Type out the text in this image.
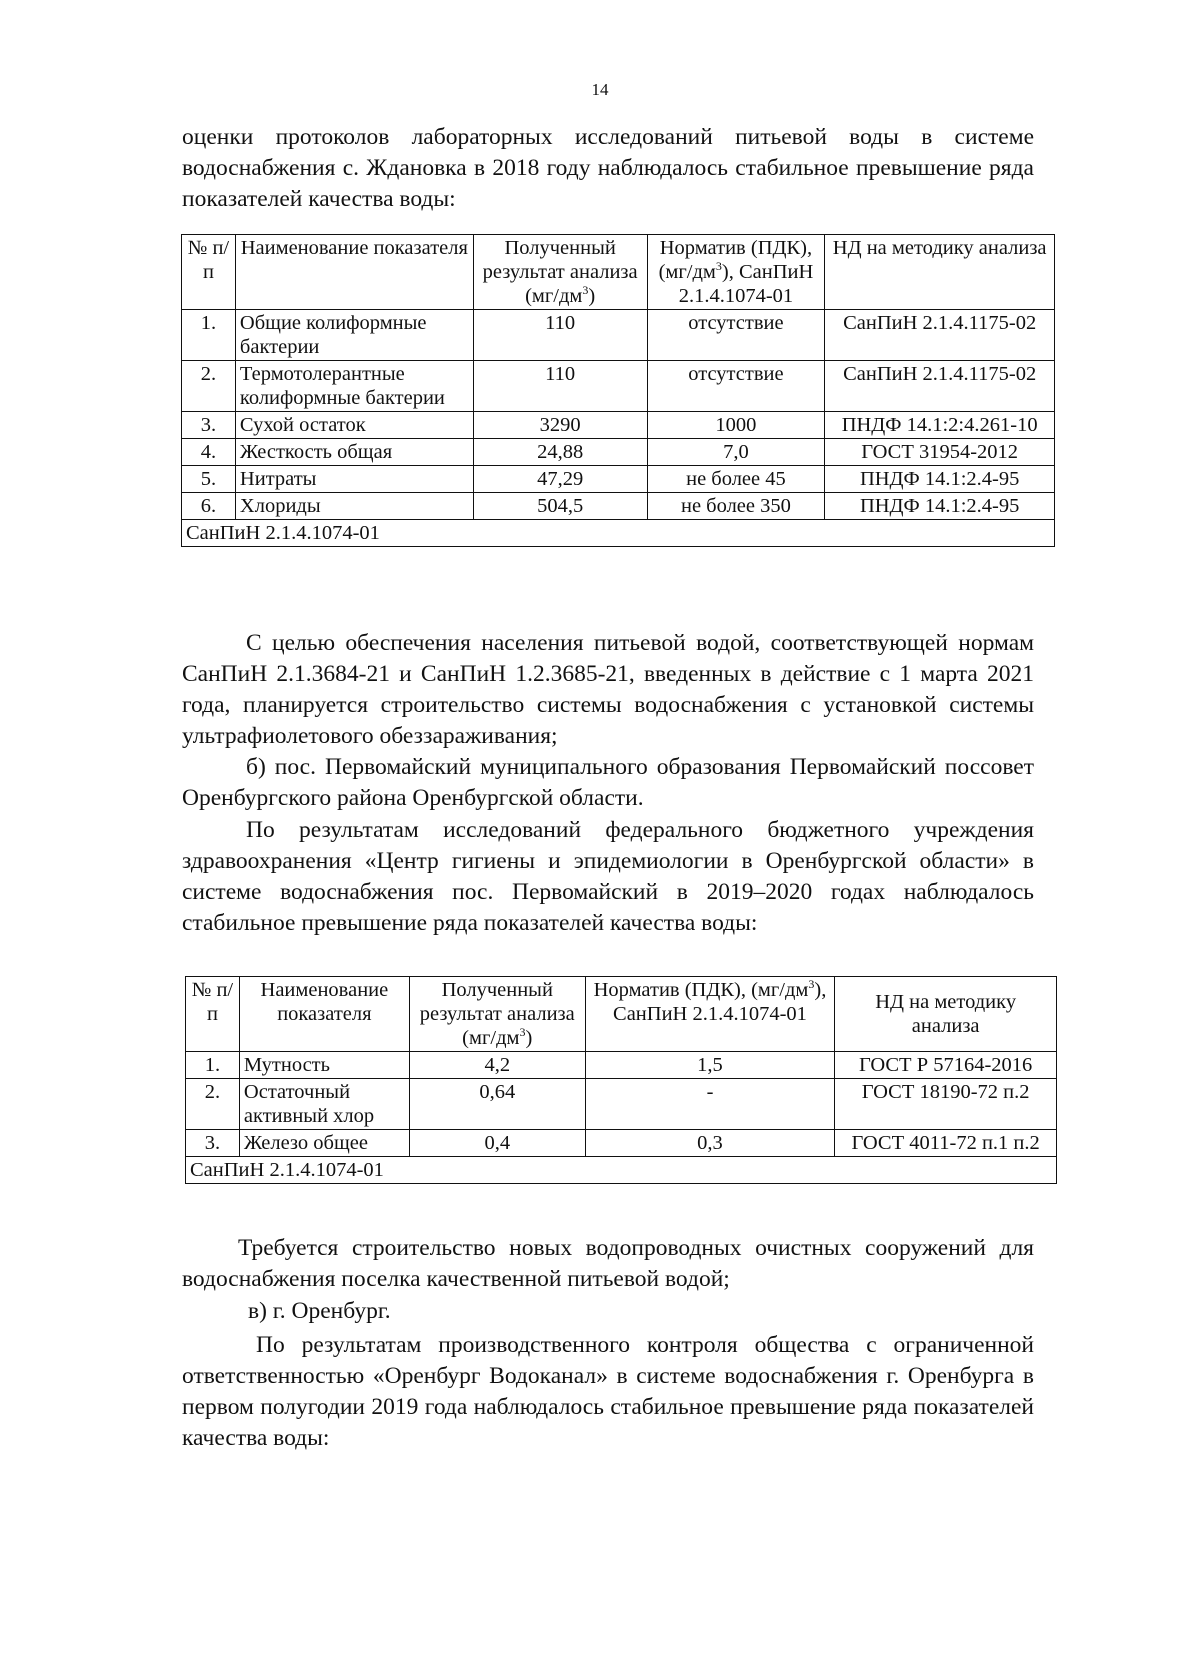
14

оценки протоколов лабораторных исследований питьевой воды в системе водоснабжения с. Ждановка в 2018 году наблюдалось стабильное превышение ряда показателей качества воды:

№ п/п	Наименование показателя	Полученный результат анализа $(мг/дм^3)$	Норматив (ПДК), $(мг/дм^3)$, СанПиН 2.1.4.1074-01	НД на методику анализа
1.	Общие колиформные бактерии	110	отсутствие	СанПиН 2.1.4.1175-02
2.	Термотолерантные колиформные бактерии	110	отсутствие	СанПиН 2.1.4.1175-02
3.	Сухой остаток	3290	1000	ПНДФ 14.1:2:4.261-10
4.	Жесткость общая	24,88	7,0	ГОСТ 31954-2012
5.	Нитраты	47,29	не более 45	ПНДФ 14.1:2.4-95
6.	Хлориды	504,5	не более 350	ПНДФ 14.1:2.4-95
СанПиН 2.1.4.1074-01				

С целью обеспечения населения питьевой водой, соответствующей нормам СанПиН 2.1.3684-21 и СанПиН 1.2.3685-21, введенных в действие с 1 марта 2021 года, планируется строительство системы водоснабжения с установкой системы ультрафиолетового обеззараживания;

б) пос. Первомайский муниципального образования Первомайский поссовет Оренбургского района Оренбургской области.

По результатам исследований федерального бюджетного учреждения здравоохранения «Центр гигиены и эпидемиологии в Оренбургской области» в системе водоснабжения пос. Первомайский в 2019–2020 годах наблюдалось стабильное превышение ряда показателей качества воды:

№ п/п	Наименование показателя	Полученный результат анализа $(мг/дм^3)$	Норматив (ПДК), $(мг/дм^3)$, СанПиН 2.1.4.1074-01	НД на методику анализа
1.	Мутность	4,2	1,5	ГОСТ Р 57164-2016
2.	Остаточный активный хлор	0,64	-	ГОСТ 18190-72 п.2
3.	Железо общее	0,4	0,3	ГОСТ 4011-72 п.1 п.2
СанПиН 2.1.4.1074-01				

Требуется строительство новых водопроводных очистных сооружений для водоснабжения поселка качественной питьевой водой;

в) г. Оренбург.

По результатам производственного контроля общества с ограниченной ответственностью «Оренбург Водоканал» в системе водоснабжения г. Оренбурга в первом полугодии 2019 года наблюдалось стабильное превышение ряда показателей качества воды:
